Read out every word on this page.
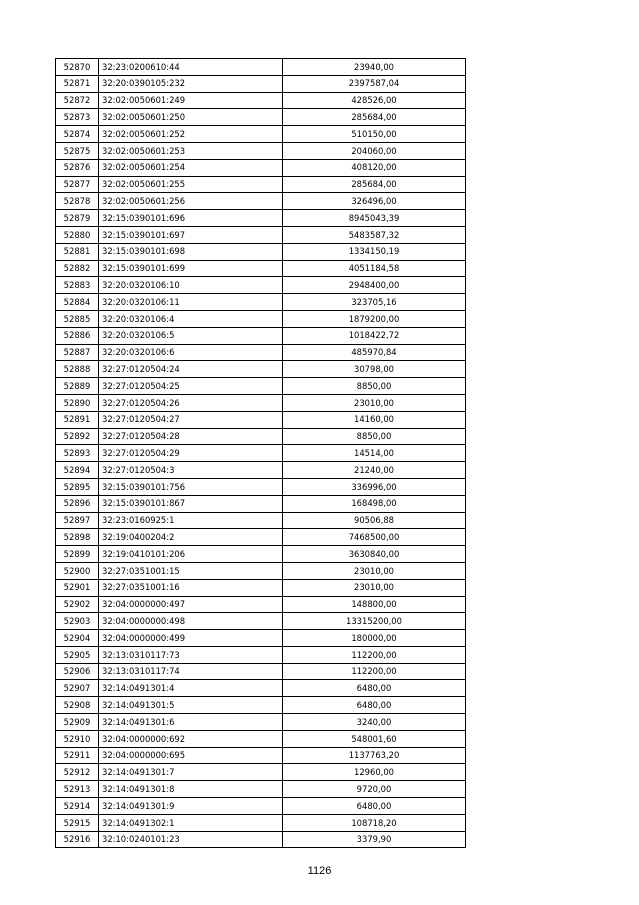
52870	32:23:0200610:44	23940,00
52871	32:20:0390105:232	2397587,04
52872	32:02:0050601:249	428526,00
52873	32:02:0050601:250	285684,00
52874	32:02:0050601:252	510150,00
52875	32:02:0050601:253	204060,00
52876	32:02:0050601:254	408120,00
52877	32:02:0050601:255	285684,00
52878	32:02:0050601:256	326496,00
52879	32:15:0390101:696	8945043,39
52880	32:15:0390101:697	5483587,32
52881	32:15:0390101:698	1334150,19
52882	32:15:0390101:699	4051184,58
52883	32:20:0320106:10	2948400,00
52884	32:20:0320106:11	323705,16
52885	32:20:0320106:4	1879200,00
52886	32:20:0320106:5	1018422,72
52887	32:20:0320106:6	485970,84
52888	32:27:0120504:24	30798,00
52889	32:27:0120504:25	8850,00
52890	32:27:0120504:26	23010,00
52891	32:27:0120504:27	14160,00
52892	32:27:0120504:28	8850,00
52893	32:27:0120504:29	14514,00
52894	32:27:0120504:3	21240,00
52895	32:15:0390101:756	336996,00
52896	32:15:0390101:867	168498,00
52897	32:23:0160925:1	90506,88
52898	32:19:0400204:2	7468500,00
52899	32:19:0410101:206	3630840,00
52900	32:27:0351001:15	23010,00
52901	32:27:0351001:16	23010,00
52902	32:04:0000000:497	148800,00
52903	32:04:0000000:498	13315200,00
52904	32:04:0000000:499	180000,00
52905	32:13:0310117:73	112200,00
52906	32:13:0310117:74	112200,00
52907	32:14:0491301:4	6480,00
52908	32:14:0491301:5	6480,00
52909	32:14:0491301:6	3240,00
52910	32:04:0000000:692	548001,60
52911	32:04:0000000:695	1137763,20
52912	32:14:0491301:7	12960,00
52913	32:14:0491301:8	9720,00
52914	32:14:0491301:9	6480,00
52915	32:14:0491302:1	108718,20
52916	32:10:0240101:23	3379,90
1126
